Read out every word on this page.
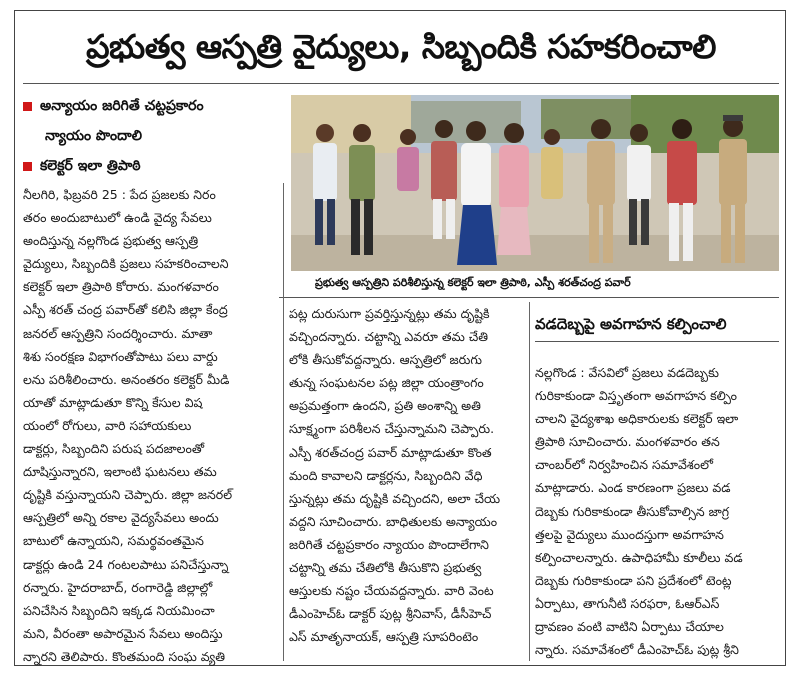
ప్రభుత్వ ఆస్పత్రి వైద్యులు, సిబ్బందికి సహకరించాలి
అన్యాయం జరిగితే చట్టప్రకారం
న్యాయం పొందాలి
కలెక్టర్ ఇలా త్రిపాఠి
ప్రభుత్వ ఆస్పత్రిని పరిశీలిస్తున్న కలెక్టర్ ఇలా త్రిపాఠి, ఎస్పీ శరత్‌చంద్ర పవార్

నీలగిరి, ఫిబ్రవరి 25 : పేద ప్రజలకు నిరం

తరం అందుబాటులో ఉండి వైద్య సేవలు

అందిస్తున్న నల్లగొండ ప్రభుత్వ ఆస్పత్రి

వైద్యులు, సిబ్బందికి ప్రజలు సహకరించాలని

కలెక్టర్ ఇలా త్రిపాఠి కోరారు. మంగళవారం

ఎస్పీ శరత్ చంద్ర పవార్‌తో కలిసి జిల్లా కేంద్ర

జనరల్ ఆస్పత్రిని సందర్శించారు. మాతా

శిశు సంరక్షణ విభాగంతోపాటు పలు వార్డు

లను పరిశీలించారు. అనంతరం కలెక్టర్ మీడి

యాతో మాట్లాడుతూ కొన్ని కేసుల విష

యంలో రోగులు, వారి సహాయకులు

డాక్టర్లు, సిబ్బందిని పరుష పదజాలంతో

దూషిస్తున్నారని, ఇలాంటి ఘటనలు తమ

దృష్టికి వస్తున్నాయని చెప్పారు. జిల్లా జనరల్

ఆస్పత్రిలో అన్ని రకాల వైద్యసేవలు అందు

బాటులో ఉన్నాయని, సమర్థవంతమైన

డాక్టర్లు ఉండి 24 గంటలపాటు పనిచేస్తున్నా

రన్నారు. హైదరాబాద్, రంగారెడ్డి జిల్లాల్లో

పనిచేసిన సిబ్బందిని ఇక్కడ నియమించా

మని, వీరంతా అపారమైన సేవలు అందిస్తు

న్నారని తెలిపారు. కొంతమంది సంఘ వ్యతి

పట్ల దురుసుగా ప్రవర్తిస్తున్నట్లు తమ దృష్టికి

వచ్చిందన్నారు. చట్టాన్ని ఎవరూ తమ చేతి

లోకి తీసుకోవద్దన్నారు. ఆస్పత్రిలో జరుగు

తున్న సంఘటనల పట్ల జిల్లా యంత్రాంగం

అప్రమత్తంగా ఉందని, ప్రతి అంశాన్ని అతి

సూక్ష్మంగా పరిశీలన చేస్తున్నామని చెప్పారు.

ఎస్పీ శరత్‌చంద్ర పవార్ మాట్లాడుతూ కొంత

మంది కావాలని డాక్టర్లను, సిబ్బందిని వేధి

స్తున్నట్లు తమ దృష్టికి వచ్చిందని, అలా చేయ

వద్దని సూచించారు. బాధితులకు అన్యాయం

జరిగితే చట్టప్రకారం న్యాయం పొందాలేగాని

చట్టాన్ని తమ చేతిలోకి తీసుకొని ప్రభుత్వ

ఆస్తులకు నష్టం చేయవద్దన్నారు. వారి వెంట

డీఎంహెచ్‌ఓ డాక్టర్ పుట్ల శ్రీనివాస్, డీసీహెచ్

ఎస్ మాతృనాయక్, ఆస్పత్రి సూపరింటెం

వడదెబ్బపై అవగాహన కల్పించాలి

నల్లగొండ : వేసవిలో ప్రజలు వడదెబ్బకు

గురికాకుండా విస్తృతంగా అవగాహన కల్పిం

చాలని వైద్యశాఖ అధికారులకు కలెక్టర్ ఇలా

త్రిపాఠి సూచించారు. మంగళవారం తన

చాంబర్‌లో నిర్వహించిన సమావేశంలో

మాట్లాడారు. ఎండ కారణంగా ప్రజలు వడ

దెబ్బకు గురికాకుండా తీసుకోవాల్సిన జాగ్ర

త్తలపై వైద్యులు ముందస్తుగా అవగాహన

కల్పించాలన్నారు. ఉపాధిహామీ కూలీలు వడ

దెబ్బకు గురికాకుండా పని ప్రదేశంలో టెంట్ల

ఏర్పాటు, తాగునీటి సరఫరా, ఓఆర్ఎస్

ద్రావణం వంటి వాటిని ఏర్పాటు చేయాల

న్నారు. సమావేశంలో డీఎంహెచ్‌ఓ పుట్ల శ్రీని
